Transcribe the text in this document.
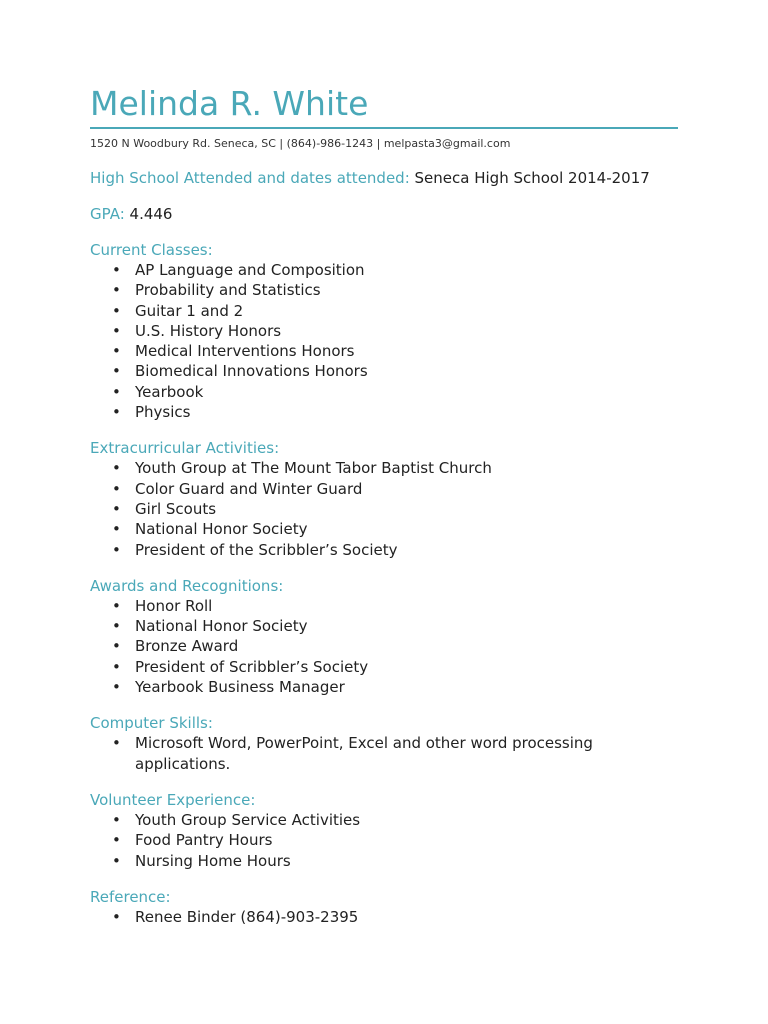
Melinda R. White
1520 N Woodbury Rd. Seneca, SC | (864)-986-1243 | melpasta3@gmail.com
High School Attended and dates attended: Seneca High School 2014-2017
GPA: 4.446
Current Classes:
• AP Language and Composition
• Probability and Statistics
• Guitar 1 and 2
• U.S. History Honors
• Medical Interventions Honors
• Biomedical Innovations Honors
• Yearbook
• Physics
Extracurricular Activities:
• Youth Group at The Mount Tabor Baptist Church
• Color Guard and Winter Guard
• Girl Scouts
• National Honor Society
• President of the Scribbler’s Society
Awards and Recognitions:
• Honor Roll
• National Honor Society
• Bronze Award
• President of Scribbler’s Society
• Yearbook Business Manager
Computer Skills:
• Microsoft Word, PowerPoint, Excel and other word processing applications.
Volunteer Experience:
• Youth Group Service Activities
• Food Pantry Hours
• Nursing Home Hours
Reference:
• Renee Binder (864)-903-2395
